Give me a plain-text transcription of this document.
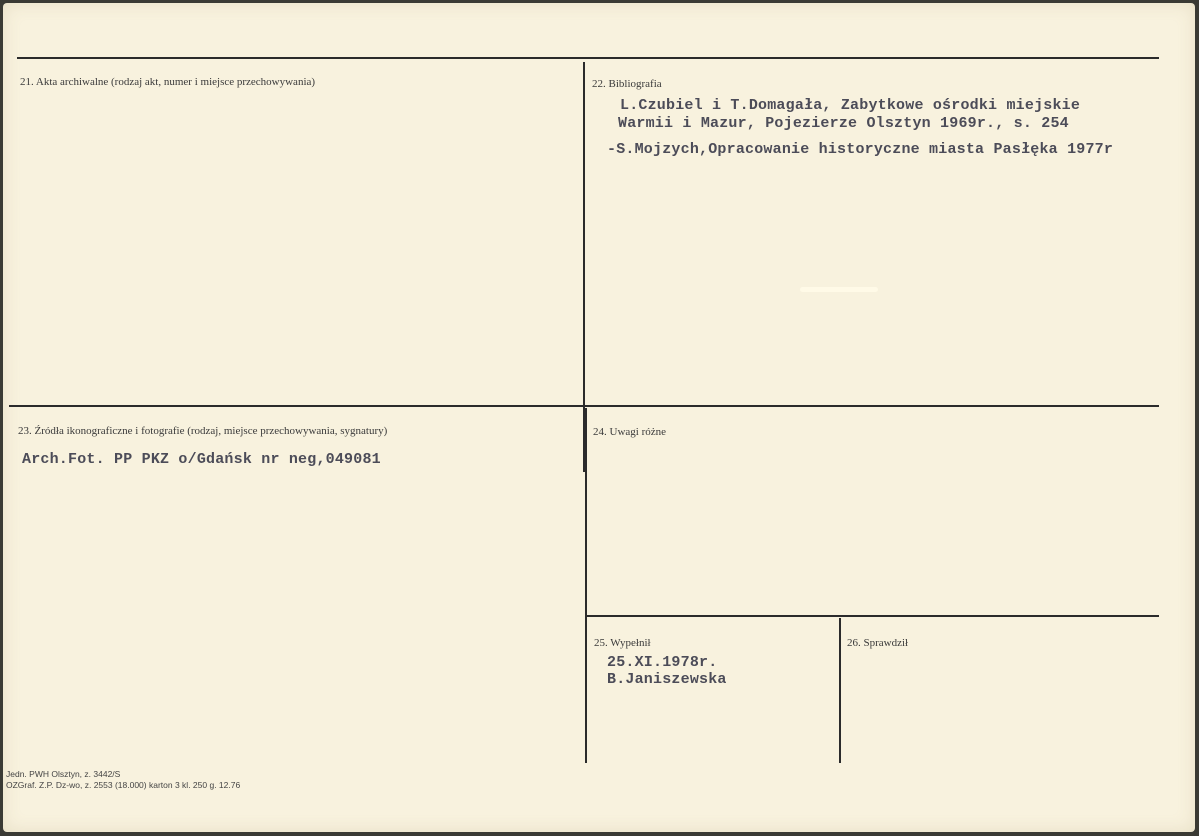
21. Akta archiwalne (rodzaj akt, numer i miejsce przechowywania)	22. Bibliografia
L.Czubiel i T.Domagała, Zabytkowe ośrodki miejskie
Warmii i Mazur, Pojezierze Olsztyn 1969r., s. 254
-S.Mojzych,Opracowanie historyczne miasta Pasłęka 1977r
23. Źródła ikonograficzne i fotografie (rodzaj, miejsce przechowywania, sygnatury)
Arch.Fot. PP PKZ o/Gdańsk nr neg,049081
24. Uwagi różne
25. Wypełnił
25.XI.1978r.
B.Janiszewska
26. Sprawdził
Jedn. PWH Olsztyn, z. 3442/S
OZGraf. Z.P. Dz-wo, z. 2553 (18.000) karton 3 kl. 250 g. 12.76
